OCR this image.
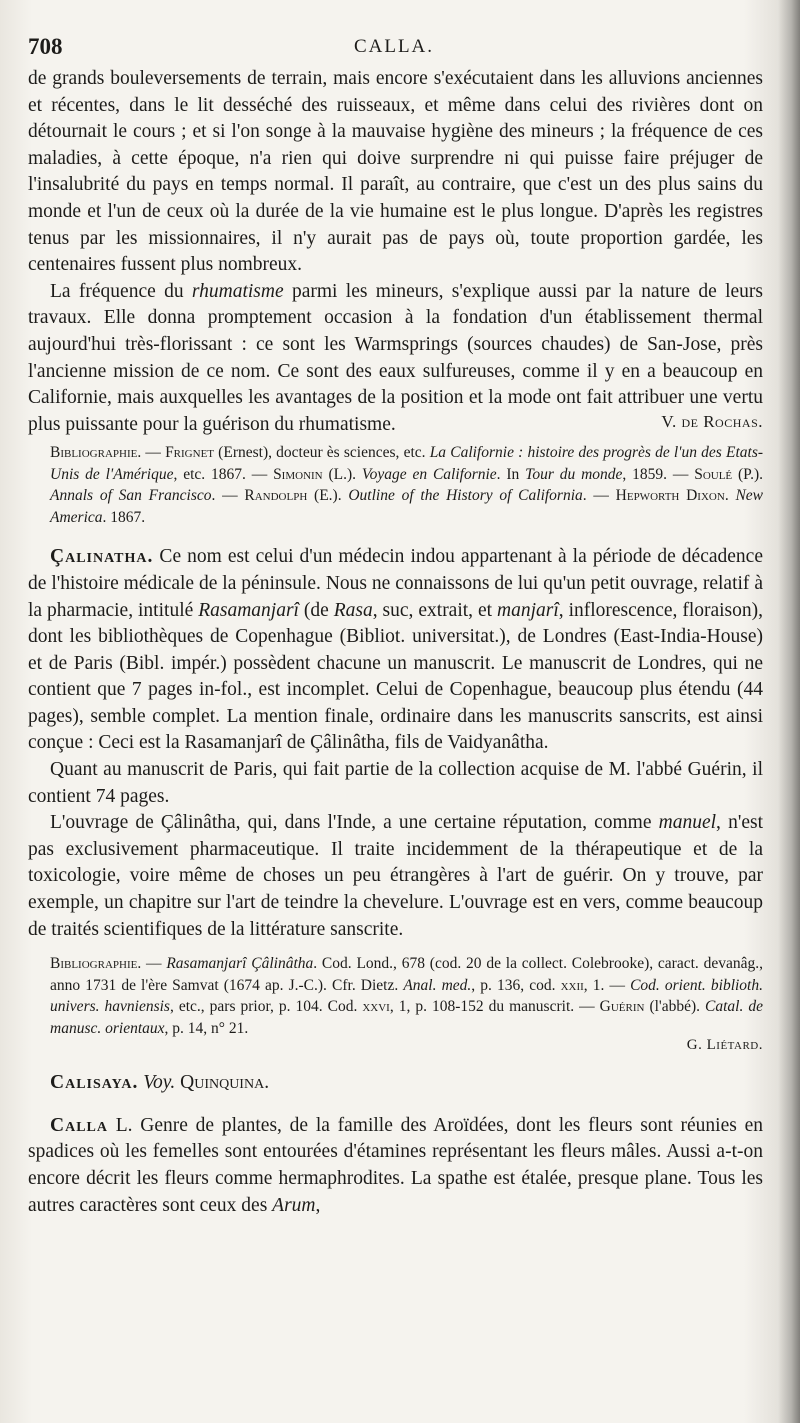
708	CALLA.

de grands bouleversements de terrain, mais encore s'exécutaient dans les alluvions anciennes et récentes, dans le lit desséché des ruisseaux, et même dans celui des rivières dont on détournait le cours ; et si l'on songe à la mauvaise hygiène des mineurs ; la fréquence de ces maladies, à cette époque, n'a rien qui doive surprendre ni qui puisse faire préjuger de l'insalubrité du pays en temps normal. Il paraît, au contraire, que c'est un des plus sains du monde et l'un de ceux où la durée de la vie humaine est le plus longue. D'après les registres tenus par les missionnaires, il n'y aurait pas de pays où, toute proportion gardée, les centenaires fussent plus nombreux.

La fréquence du rhumatisme parmi les mineurs, s'explique aussi par la nature de leurs travaux. Elle donna promptement occasion à la fondation d'un établissement thermal aujourd'hui très-florissant : ce sont les Warmsprings (sources chaudes) de San-Jose, près l'ancienne mission de ce nom. Ce sont des eaux sulfureuses, comme il y en a beaucoup en Californie, mais auxquelles les avantages de la position et la mode ont fait attribuer une vertu plus puissante pour la guérison du rhumatisme.	V. de Rochas.

Bibliographie. — Frignet (Ernest), docteur ès sciences, etc. La Californie : histoire des progrès de l'un des Etats-Unis de l'Amérique, etc. 1867. — Simonin (L.). Voyage en Californie. In Tour du monde, 1859. — Soulé (P.). Annals of San Francisco. — Randolph (E.). Outline of the History of California. — Hepworth Dixon. New America. 1867.

Çalinatha. Ce nom est celui d'un médecin indou appartenant à la période de décadence de l'histoire médicale de la péninsule. Nous ne connaissons de lui qu'un petit ouvrage, relatif à la pharmacie, intitulé Rasamanjarî (de Rasa, suc, extrait, et manjarî, inflorescence, floraison), dont les bibliothèques de Copenhague (Bibliot. universitat.), de Londres (East-India-House) et de Paris (Bibl. impér.) possèdent chacune un manuscrit. Le manuscrit de Londres, qui ne contient que 7 pages in-fol., est incomplet. Celui de Copenhague, beaucoup plus étendu (44 pages), semble complet. La mention finale, ordinaire dans les manuscrits sanscrits, est ainsi conçue : Ceci est la Rasamanjarî de Çâlinâtha, fils de Vaidyanâtha.

Quant au manuscrit de Paris, qui fait partie de la collection acquise de M. l'abbé Guérin, il contient 74 pages.

L'ouvrage de Çâlinâtha, qui, dans l'Inde, a une certaine réputation, comme manuel, n'est pas exclusivement pharmaceutique. Il traite incidemment de la thérapeutique et de la toxicologie, voire même de choses un peu étrangères à l'art de guérir. On y trouve, par exemple, un chapitre sur l'art de teindre la chevelure. L'ouvrage est en vers, comme beaucoup de traités scientifiques de la littérature sanscrite.

Bibliographie. — Rasamanjarî Çâlinâtha. Cod. Lond., 678 (cod. 20 de la collect. Colebrooke), caract. devanâg., anno 1731 de l'ère Samvat (1674 ap. J.-C.). Cfr. Dietz. Anal. med., p. 136, cod. xxii, 1. — Cod. orient. biblioth. univers. havniensis, etc., pars prior, p. 104. Cod. xxvi, 1, p. 108-152 du manuscrit. — Guérin (l'abbé). Catal. de manusc. orientaux, p. 14, n° 21.

G. Liétard.

Calisaya. Voy. Quinquina.

Calla L. Genre de plantes, de la famille des Aroïdées, dont les fleurs sont réunies en spadices où les femelles sont entourées d'étamines représentant les fleurs mâles. Aussi a-t-on encore décrit les fleurs comme hermaphrodites. La spathe est étalée, presque plane. Tous les autres caractères sont ceux des Arum,
